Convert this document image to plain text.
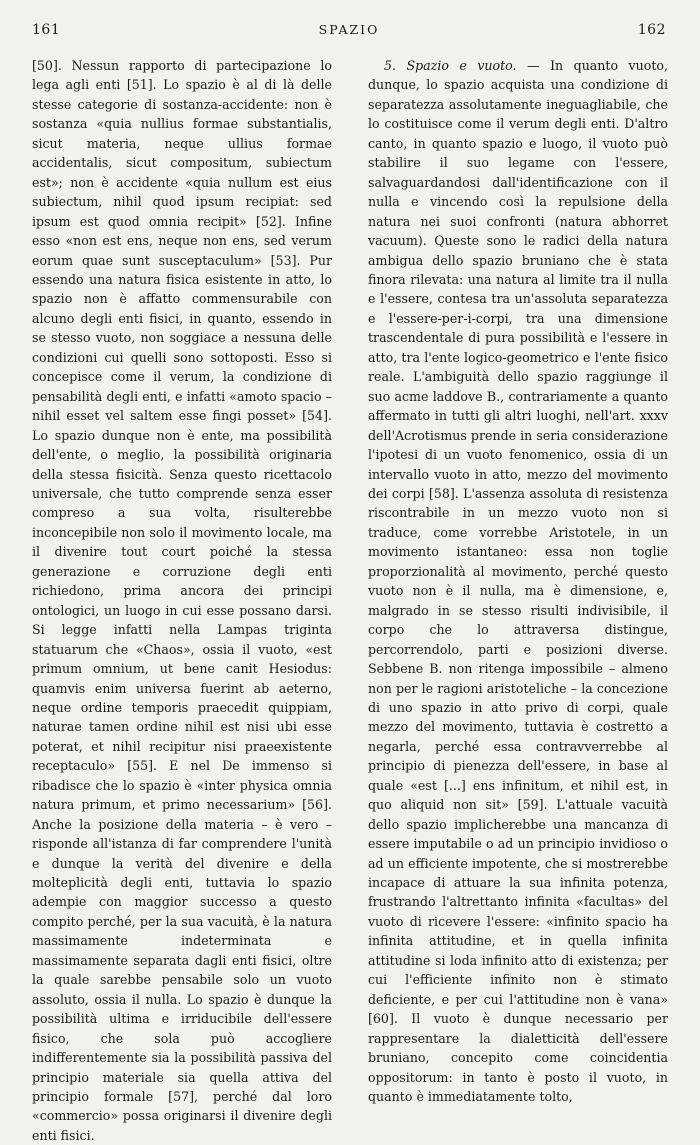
161	SPAZIO	162

[50]. Nessun rapporto di partecipazione lo lega agli enti [51]. Lo spazio è al di là delle stesse categorie di sostanza-accidente: non è sostanza «quia nullius formae substantialis, sicut materia, neque ullius formae accidentalis, sicut compositum, subiectum est»; non è accidente «quia nullum est eius subiectum, nihil quod ipsum recipiat: sed ipsum est quod omnia recipit» [52]. Infine esso «non est ens, neque non ens, sed verum eorum quae sunt susceptaculum» [53]. Pur essendo una natura fisica esistente in atto, lo spazio non è affatto commensurabile con alcuno degli enti fisici, in quanto, essendo in se stesso vuoto, non soggiace a nessuna delle condizioni cui quelli sono sottoposti. Esso si concepisce come il verum, la condizione di pensabilità degli enti, e infatti «amoto spacio – nihil esset vel saltem esse fingi posset» [54]. Lo spazio dunque non è ente, ma possibilità dell'ente, o meglio, la possibilità originaria della stessa fisicità. Senza questo ricettacolo universale, che tutto comprende senza esser compreso a sua volta, risulterebbe inconcepibile non solo il movimento locale, ma il divenire tout court poiché la stessa generazione e corruzione degli enti richiedono, prima ancora dei principi ontologici, un luogo in cui esse possano darsi. Si legge infatti nella Lampas triginta statuarum che «Chaos», ossia il vuoto, «est primum omnium, ut bene canit Hesiodus: quamvis enim universa fuerint ab aeterno, neque ordine temporis praecedit quippiam, naturae tamen ordine nihil est nisi ubi esse poterat, et nihil recipitur nisi praeexistente receptaculo» [55]. E nel De immenso si ribadisce che lo spazio è «inter physica omnia natura primum, et primo necessarium» [56]. Anche la posizione della materia – è vero – risponde all'istanza di far comprendere l'unità e dunque la verità del divenire e della molteplicità degli enti, tuttavia lo spazio adempie con maggior successo a questo compito perché, per la sua vacuità, è la natura massimamente indeterminata e massimamente separata dagli enti fisici, oltre la quale sarebbe pensabile solo un vuoto assoluto, ossia il nulla. Lo spazio è dunque la possibilità ultima e irriducibile dell'essere fisico, che sola può accogliere indifferentemente sia la possibilità passiva del principio materiale sia quella attiva del principio formale [57], perché dal loro «commercio» possa originarsi il divenire degli enti fisici.

5. Spazio e vuoto. — In quanto vuoto, dunque, lo spazio acquista una condizione di separatezza assolutamente ineguagliabile, che lo costituisce come il verum degli enti. D'altro canto, in quanto spazio e luogo, il vuoto può stabilire il suo legame con l'essere, salvaguardandosi dall'identificazione con il nulla e vincendo così la repulsione della natura nei suoi confronti (natura abhorret vacuum). Queste sono le radici della natura ambigua dello spazio bruniano che è stata finora rilevata: una natura al limite tra il nulla e l'essere, contesa tra un'assoluta separatezza e l'essere-per-i-corpi, tra una dimensione trascendentale di pura possibilità e l'essere in atto, tra l'ente logico-geometrico e l'ente fisico reale. L'ambiguità dello spazio raggiunge il suo acme laddove B., contrariamente a quanto affermato in tutti gli altri luoghi, nell'art. xxxv dell'Acrotismus prende in seria considerazione l'ipotesi di un vuoto fenomenico, ossia di un intervallo vuoto in atto, mezzo del movimento dei corpi [58]. L'assenza assoluta di resistenza riscontrabile in un mezzo vuoto non si traduce, come vorrebbe Aristotele, in un movimento istantaneo: essa non toglie proporzionalità al movimento, perché questo vuoto non è il nulla, ma è dimensione, e, malgrado in se stesso risulti indivisibile, il corpo che lo attraversa distingue, percorrendolo, parti e posizioni diverse. Sebbene B. non ritenga impossibile – almeno non per le ragioni aristoteliche – la concezione di uno spazio in atto privo di corpi, quale mezzo del movimento, tuttavia è costretto a negarla, perché essa contravverrebbe al principio di pienezza dell'essere, in base al quale «est [...] ens infinitum, et nihil est, in quo aliquid non sit» [59]. L'attuale vacuità dello spazio implicherebbe una mancanza di essere imputabile o ad un principio invidioso o ad un efficiente impotente, che si mostrerebbe incapace di attuare la sua infinita potenza, frustrando l'altrettanto infinita «facultas» del vuoto di ricevere l'essere: «infinito spacio ha infinita attitudine, et in quella infinita attitudine si loda infinito atto di existenza; per cui l'efficiente infinito non è stimato deficiente, e per cui l'attitudine non è vana» [60]. Il vuoto è dunque necessario per rappresentare la dialetticità dell'essere bruniano, concepito come coincidentia oppositorum: in tanto è posto il vuoto, in quanto è immediatamente tolto,
